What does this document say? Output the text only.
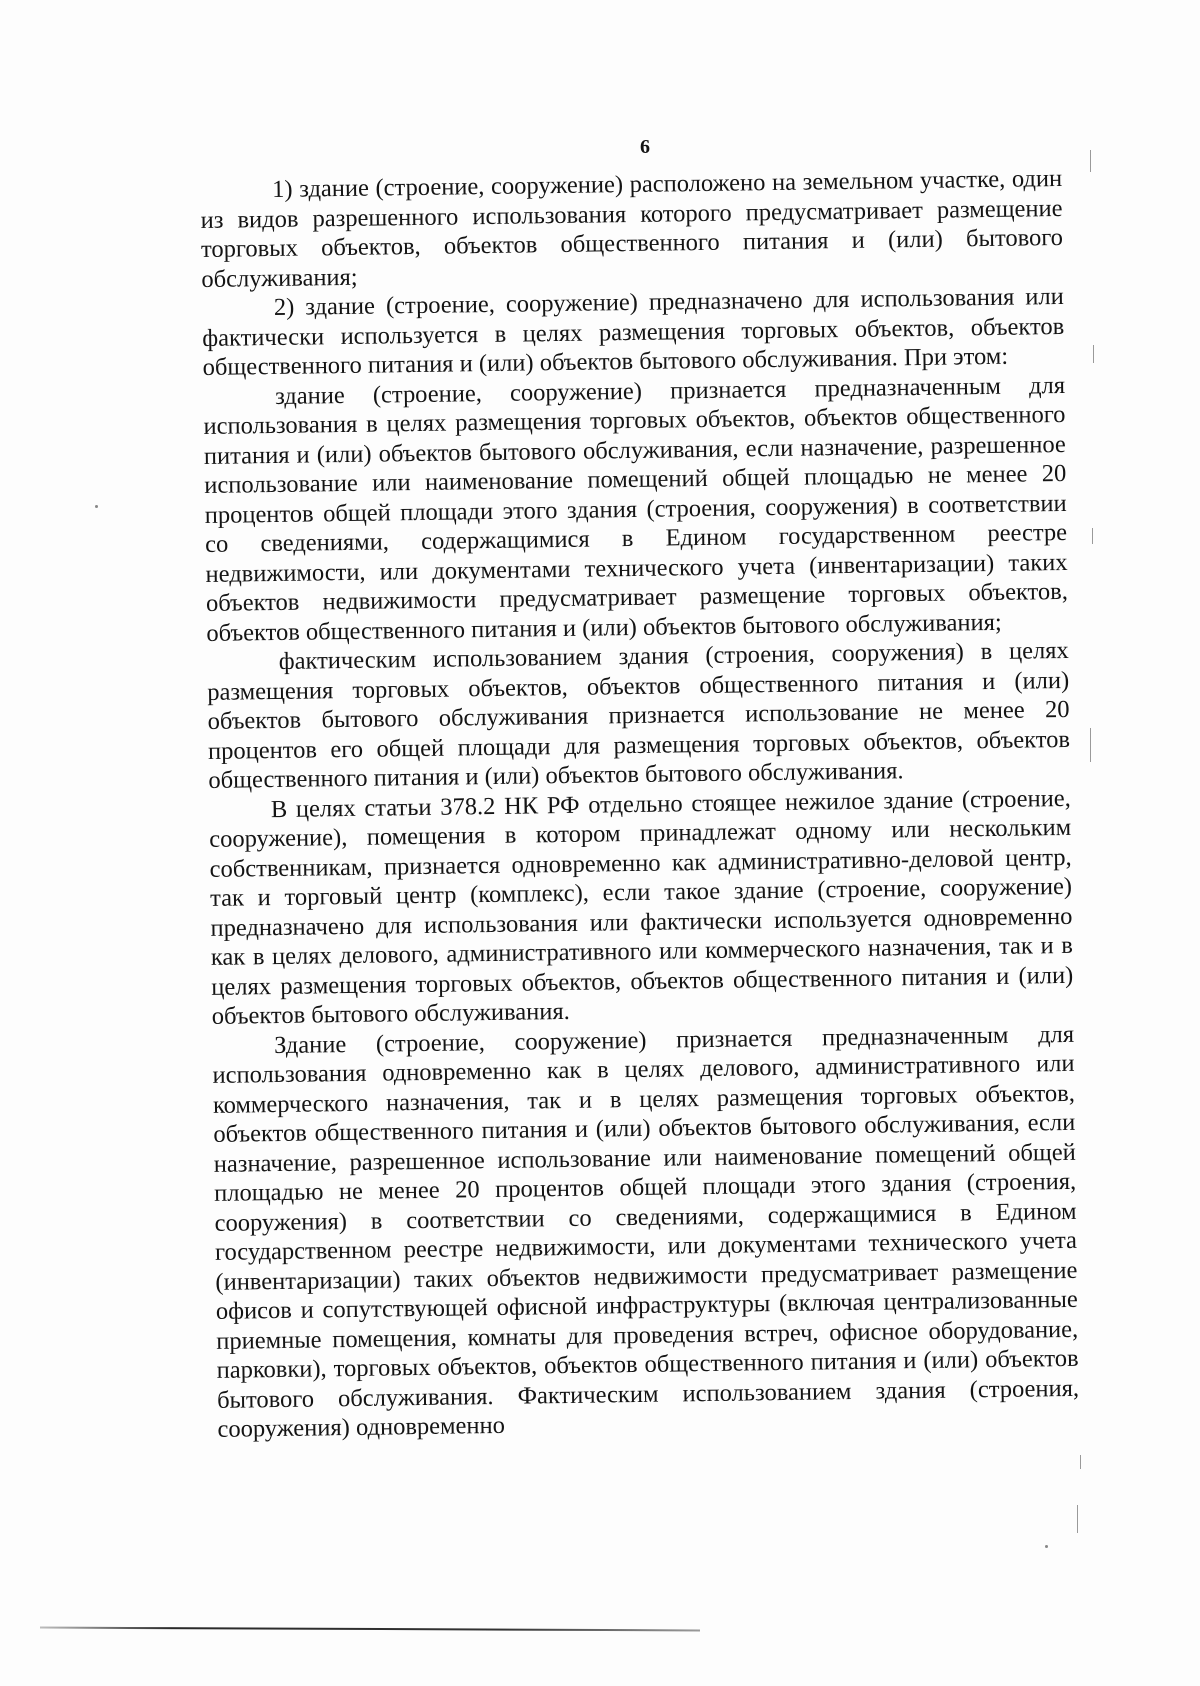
6

1) здание (строение, сооружение) расположено на земельном участке, один из видов разрешенного использования которого предусматривает размещение торговых объектов, объектов общественного питания и (или) бытового обслуживания;

2) здание (строение, сооружение) предназначено для использования или фактически используется в целях размещения торговых объектов, объектов общественного питания и (или) объектов бытового обслуживания. При этом:

здание (строение, сооружение) признается предназначенным для использования в целях размещения торговых объектов, объектов общественного питания и (или) объектов бытового обслуживания, если назначение, разрешенное использование или наименование помещений общей площадью не менее 20 процентов общей площади этого здания (строения, сооружения) в соответствии со сведениями, содержащимися в Едином государственном реестре недвижимости, или документами технического учета (инвентаризации) таких объектов недвижимости предусматривает размещение торговых объектов, объектов общественного питания и (или) объектов бытового обслуживания;

фактическим использованием здания (строения, сооружения) в целях размещения торговых объектов, объектов общественного питания и (или) объектов бытового обслуживания признается использование не менее 20 процентов его общей площади для размещения торговых объектов, объектов общественного питания и (или) объектов бытового обслуживания.

В целях статьи 378.2 НК РФ отдельно стоящее нежилое здание (строение, сооружение), помещения в котором принадлежат одному или нескольким собственникам, признается одновременно как административно-деловой центр, так и торговый центр (комплекс), если такое здание (строение, сооружение) предназначено для использования или фактически используется одновременно как в целях делового, административного или коммерческого назначения, так и в целях размещения торговых объектов, объектов общественного питания и (или) объектов бытового обслуживания.

Здание (строение, сооружение) признается предназначенным для использования одновременно как в целях делового, административного или коммерческого назначения, так и в целях размещения торговых объектов, объектов общественного питания и (или) объектов бытового обслуживания, если назначение, разрешенное использование или наименование помещений общей площадью не менее 20 процентов общей площади этого здания (строения, сооружения) в соответствии со сведениями, содержащимися в Едином государственном реестре недвижимости, или документами технического учета (инвентаризации) таких объектов недвижимости предусматривает размещение офисов и сопутствующей офисной инфраструктуры (включая централизованные приемные помещения, комнаты для проведения встреч, офисное оборудование, парковки), торговых объектов, объектов общественного питания и (или) объектов бытового обслуживания. Фактическим использованием здания (строения, сооружения) одновременно
